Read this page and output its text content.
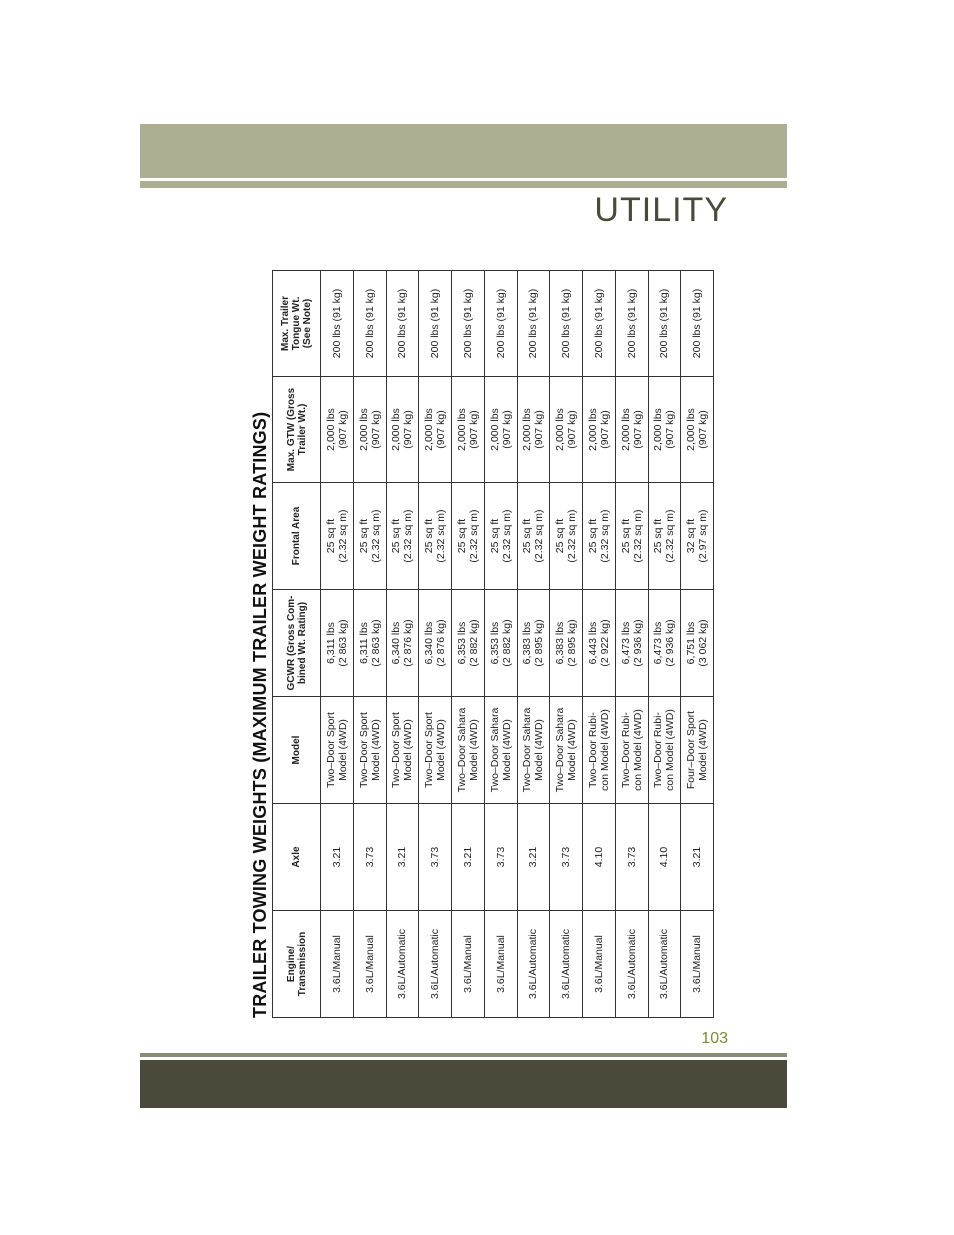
UTILITY
TRAILER TOWING WEIGHTS (MAXIMUM TRAILER WEIGHT RATINGS)	Engine/ Transmission	Axle	Model	GCWR (Gross Com- bined Wt. Rating)	Frontal Area	Max. GTW (Gross Trailer Wt.)	Max. Trailer Tongue Wt. (See Note)

3.6L/Manual	3.21	Two–Door Sport Model (4WD)	6,311 lbs (2 863 kg)	25 sq ft (2.32 sq m)	2,000 lbs (907 kg)	200 lbs (91 kg)
3.6L/Manual	3.73	Two–Door Sport Model (4WD)	6,311 lbs (2 863 kg)	25 sq ft (2.32 sq m)	2,000 lbs (907 kg)	200 lbs (91 kg)
3.6L/Automatic	3.21	Two–Door Sport Model (4WD)	6,340 lbs (2 876 kg)	25 sq ft (2.32 sq m)	2,000 lbs (907 kg)	200 lbs (91 kg)
3.6L/Automatic	3.73	Two–Door Sport Model (4WD)	6,340 lbs (2 876 kg)	25 sq ft (2.32 sq m)	2,000 lbs (907 kg)	200 lbs (91 kg)
3.6L/Manual	3.21	Two–Door Sahara Model (4WD)	6,353 lbs (2 882 kg)	25 sq ft (2.32 sq m)	2,000 lbs (907 kg)	200 lbs (91 kg)
3.6L/Manual	3.73	Two–Door Sahara Model (4WD)	6,353 lbs (2 882 kg)	25 sq ft (2.32 sq m)	2,000 lbs (907 kg)	200 lbs (91 kg)
3.6L/Automatic	3.21	Two–Door Sahara Model (4WD)	6,383 lbs (2 895 kg)	25 sq ft (2.32 sq m)	2,000 lbs (907 kg)	200 lbs (91 kg)
3.6L/Automatic	3.73	Two–Door Sahara Model (4WD)	6,383 lbs (2 895 kg)	25 sq ft (2.32 sq m)	2,000 lbs (907 kg)	200 lbs (91 kg)
3.6L/Manual	4.10	Two–Door Rubi- con Model (4WD)	6,443 lbs (2 922 kg)	25 sq ft (2.32 sq m)	2,000 lbs (907 kg)	200 lbs (91 kg)
3.6L/Automatic	3.73	Two–Door Rubi- con Model (4WD)	6,473 lbs (2 936 kg)	25 sq ft (2.32 sq m)	2,000 lbs (907 kg)	200 lbs (91 kg)
3.6L/Automatic	4.10	Two–Door Rubi- con Model (4WD)	6,473 lbs (2 936 kg)	25 sq ft (2.32 sq m)	2,000 lbs (907 kg)	200 lbs (91 kg)
3.6L/Manual	3.21	Four–Door Sport Model (4WD)	6,751 lbs (3 062 kg)	32 sq ft (2.97 sq m)	2,000 lbs (907 kg)	200 lbs (91 kg)
103
